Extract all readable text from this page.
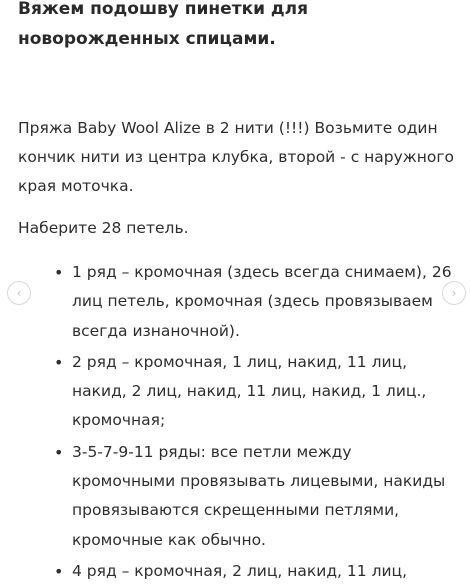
Вяжем подошву пинетки для новорожденных спицами.
Пряжа Baby Wool Alize в 2 нити (!!!) Возьмите один кончик нити из центра клубка, второй - с наружного края моточка.
Наберите 28 петель.
• 1 ряд – кромочная (здесь всегда снимаем), 26 лиц петель, кромочная (здесь провязываем всегда изнаночной).
• 2 ряд – кромочная, 1 лиц, накид, 11 лиц, накид, 2 лиц, накид, 11 лиц, накид, 1 лиц., кромочная;
• 3-5-7-9-11 ряды: все петли между кромочными провязывать лицевыми, накиды провязываются скрещенными петлями, кромочные как обычно.
• 4 ряд – кромочная, 2 лиц, накид, 11 лиц,
‹	›
